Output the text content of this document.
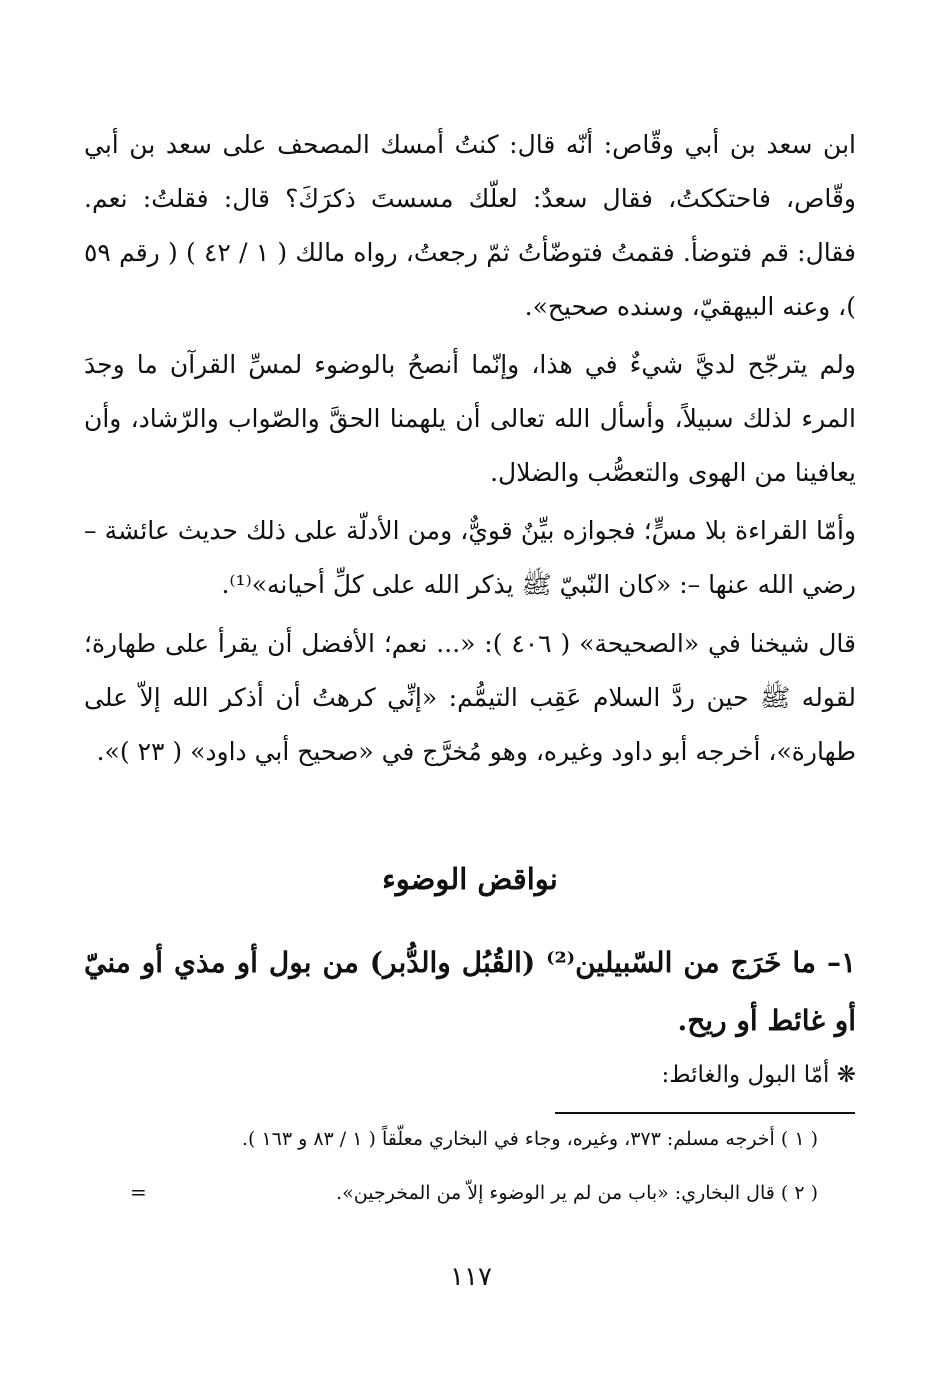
ابن سعد بن أبي وقّاص: أنّه قال: كنتُ أمسك المصحف على سعد بن أبي وقّاص، فاحتككتُ، فقال سعدٌ: لعلّك مسستَ ذكرَكَ؟ قال: فقلتُ: نعم. فقال: قم فتوضأ. فقمتُ فتوضّأتُ ثمّ رجعتُ، رواه مالك ( ١ / ٤٢ ) ( رقم ٥٩ )، وعنه البيهقيّ، وسنده صحيح».

ولم يترجّح لديَّ شيءٌ في هذا، وإنّما أنصحُ بالوضوء لمسِّ القرآن ما وجدَ المرء لذلك سبيلاً، وأسأل الله تعالى أن يلهمنا الحقَّ والصّواب والرّشاد، وأن يعافينا من الهوى والتعصُّب والضلال.

وأمّا القراءة بلا مسٍّ؛ فجوازه بيِّنٌ قويٌّ، ومن الأدلّة على ذلك حديث عائشة – رضي الله عنها –: «كان النّبيّ ﷺ يذكر الله على كلِّ أحيانه»⁽¹⁾.

قال شيخنا في «الصحيحة» ( ٤٠٦ ): «... نعم؛ الأفضل أن يقرأ على طهارة؛ لقوله ﷺ حين ردَّ السلام عَقِب التيمُّم: «إنِّي كرهتُ أن أذكر الله إلاّ على طهارة»، أخرجه أبو داود وغيره، وهو مُخرَّج في «صحيح أبي داود» ( ٢٣ )».

نواقض الوضوء

١– ما خَرَج من السّبيلين⁽²⁾ (القُبُل والدُّبر) من بول أو مذي أو منيّ أو غائط أو ريح.

❋ أمّا البول والغائط:

( ١ ) أخرجه مسلم: ٣٧٣، وغيره، وجاء في البخاري معلّقاً ( ١ / ٨٣ و ١٦٣ ).

( ٢ ) قال البخاري: «باب من لم ير الوضوء إلاّ من المخرجين».

=
١١٧
